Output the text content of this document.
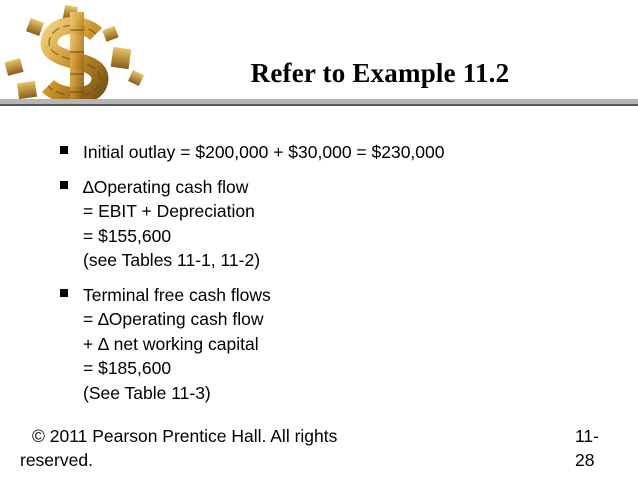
Refer to Example 11.2
Initial outlay = $200,000 + $30,000 = $230,000
∆Operating cash flow
= EBIT + Depreciation
= $155,600
(see Tables 11-1, 11-2)
Terminal free cash flows
= ∆Operating cash flow
+ ∆ net working capital
= $185,600
(See Table 11-3)
© 2011 Pearson Prentice Hall. All rights
reserved.
11-
28
